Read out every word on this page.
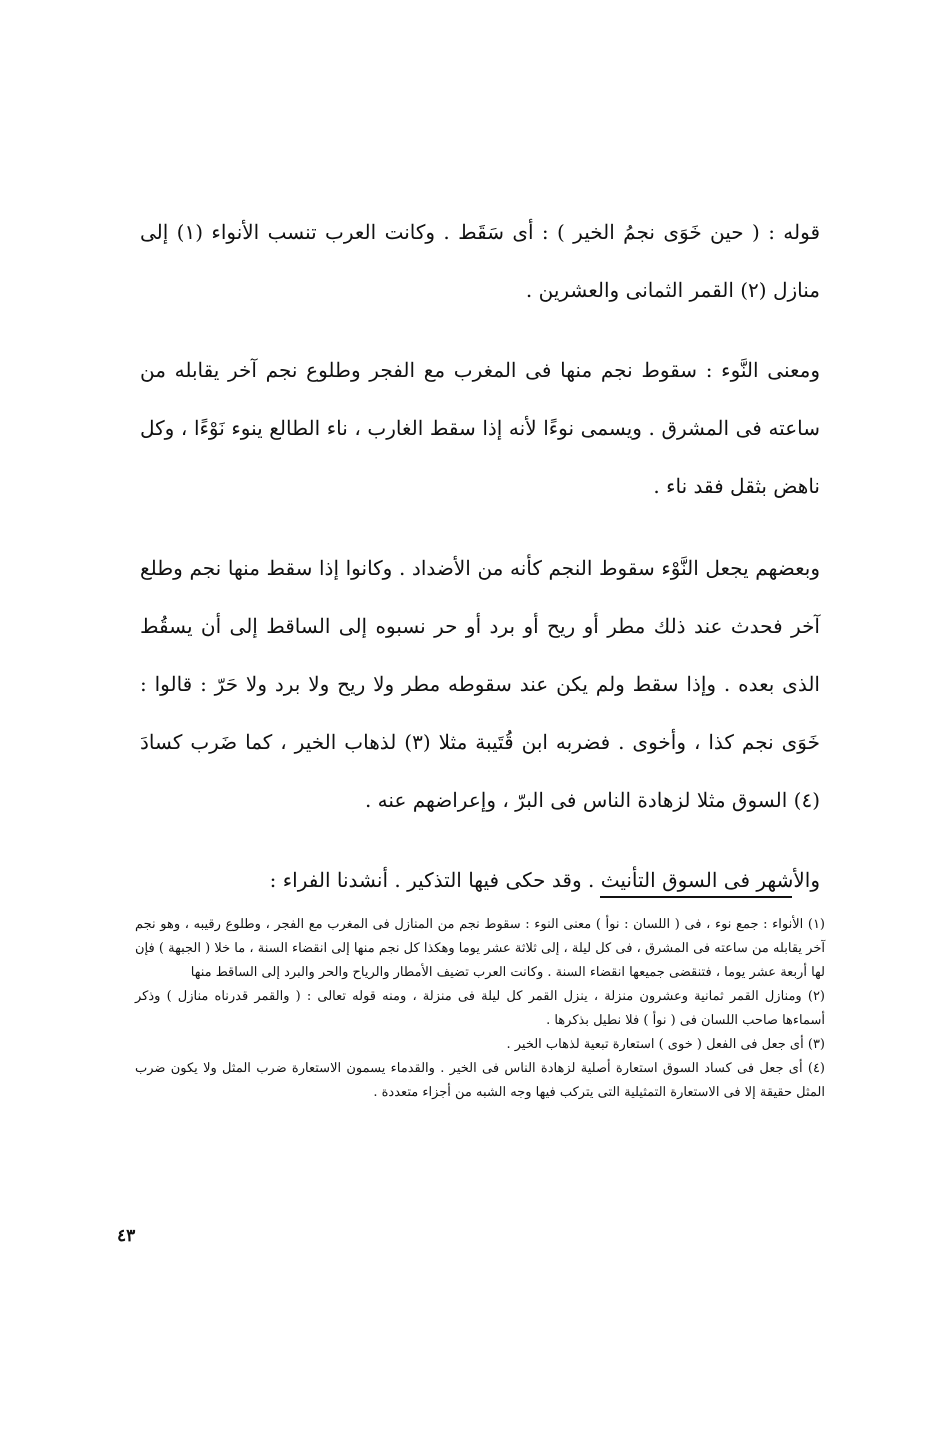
قوله : ( حين خَوَى نجمُ الخير ) : أى سَقَط . وكانت العرب تنسب الأنواء (١) إلى منازل (٢) القمر الثمانى والعشرين .

ومعنى النَّوء : سقوط نجم منها فى المغرب مع الفجر وطلوع نجم آخر يقابله من ساعته فى المشرق . ويسمى نوءًا لأنه إذا سقط الغارب ، ناء الطالع ينوء نَوْءًا ، وكل ناهض بثقل فقد ناء .

وبعضهم يجعل النَّوْء سقوط النجم كأنه من الأضداد . وكانوا إذا سقط منها نجم وطلع آخر فحدث عند ذلك مطر أو ريح أو برد أو حر نسبوه إلى الساقط إلى أن يسقُط الذى بعده . وإذا سقط ولم يكن عند سقوطه مطر ولا ريح ولا برد ولا حَرّ : قالوا : خَوَى نجم كذا ، وأخوى . فضربه ابن قُتَيبة مثلا (٣) لذهاب الخير ، كما ضَرب كسادَ (٤) السوق مثلا لزهادة الناس فى البرّ ، وإعراضهم عنه .

والأشهر فى السوق التأنيث . وقد حكى فيها التذكير . أنشدنا الفراء :

(١) الأنواء : جمع نوء ، فى ( اللسان : نوأ ) معنى النوء : سقوط نجم من المنازل فى المغرب مع الفجر ، وطلوع رقيبه ، وهو نجم آخر يقابله من ساعته فى المشرق ، فى كل ليلة ، إلى ثلاثة عشر يوما وهكذا كل نجم منها إلى انقضاء السنة ، ما خلا ( الجبهة ) فإن لها أربعة عشر يوما ، فتنقضى جميعها انقضاء السنة . وكانت العرب تضيف الأمطار والرياح والحر والبرد إلى الساقط منها

(٢) ومنازل القمر ثمانية وعشرون منزلة ، ينزل القمر كل ليلة فى منزلة ، ومنه قوله تعالى : ( والقمر قدرناه منازل ) وذكر أسماءها صاحب اللسان فى ( نوأ ) فلا نطيل بذكرها .

(٣) أى جعل فى الفعل ( خوى ) استعارة تبعية لذهاب الخير .

(٤) أى جعل فى كساد السوق استعارة أصلية لزهادة الناس فى الخير . والقدماء يسمون الاستعارة ضرب المثل ولا يكون ضرب المثل حقيقة إلا فى الاستعارة التمثيلية التى يتركب فيها وجه الشبه من أجزاء متعددة .

٤٣
